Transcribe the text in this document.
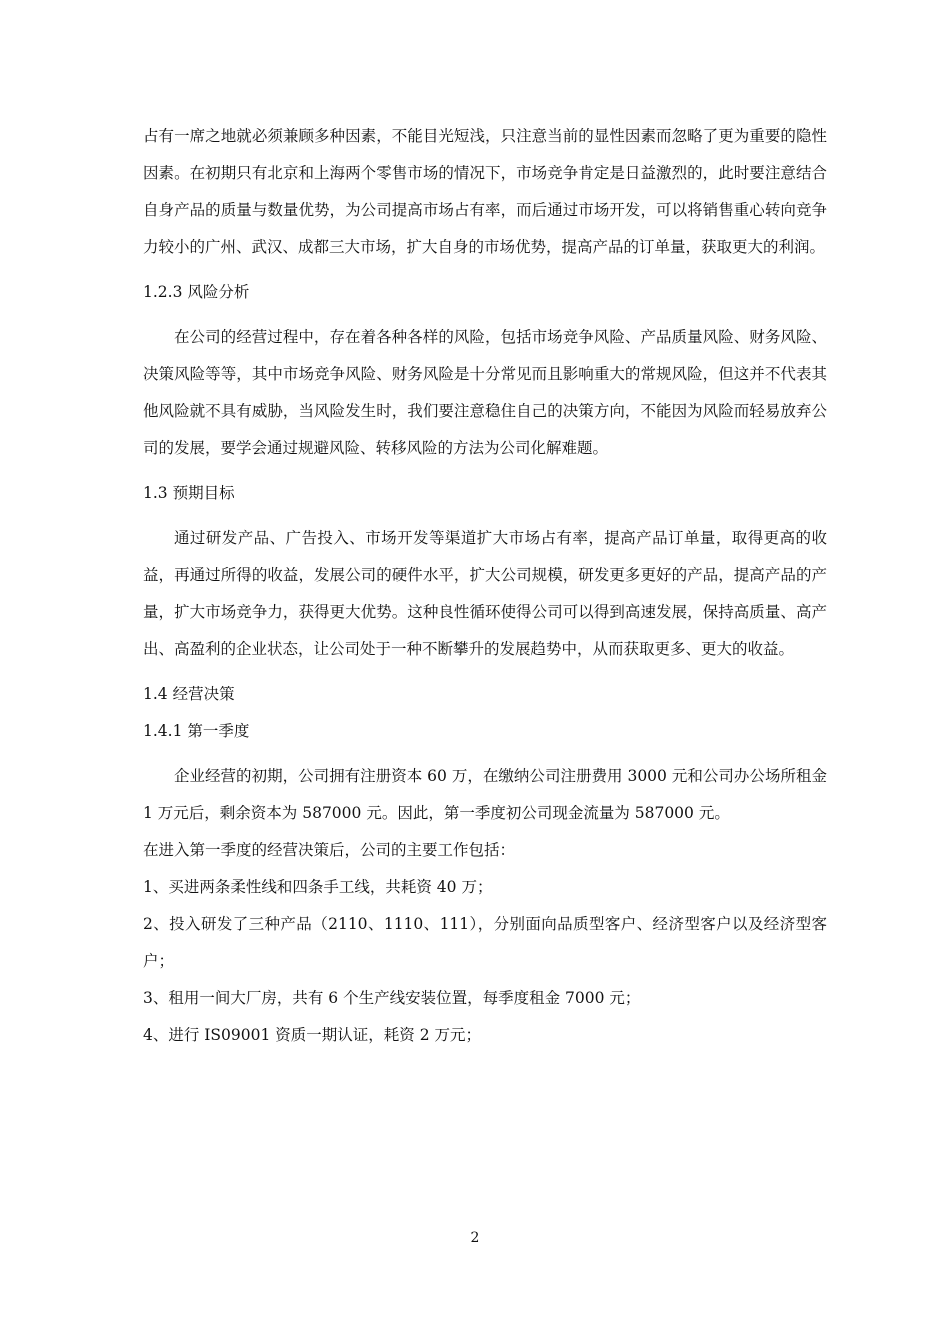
占有一席之地就必须兼顾多种因素，不能目光短浅，只注意当前的显性因素而忽略了更为重要的隐性因素。在初期只有北京和上海两个零售市场的情况下，市场竞争肯定是日益激烈的，此时要注意结合自身产品的质量与数量优势，为公司提高市场占有率，而后通过市场开发，可以将销售重心转向竞争力较小的广州、武汉、成都三大市场，扩大自身的市场优势，提高产品的订单量，获取更大的利润。

1.2.3 风险分析

在公司的经营过程中，存在着各种各样的风险，包括市场竞争风险、产品质量风险、财务风险、决策风险等等，其中市场竞争风险、财务风险是十分常见而且影响重大的常规风险，但这并不代表其他风险就不具有威胁，当风险发生时，我们要注意稳住自己的决策方向，不能因为风险而轻易放弃公司的发展，要学会通过规避风险、转移风险的方法为公司化解难题。

1.3 预期目标

通过研发产品、广告投入、市场开发等渠道扩大市场占有率，提高产品订单量，取得更高的收益，再通过所得的收益，发展公司的硬件水平，扩大公司规模，研发更多更好的产品，提高产品的产量，扩大市场竞争力，获得更大优势。这种良性循环使得公司可以得到高速发展，保持高质量、高产出、高盈利的企业状态，让公司处于一种不断攀升的发展趋势中，从而获取更多、更大的收益。

1.4 经营决策

1.4.1 第一季度

企业经营的初期，公司拥有注册资本 60 万，在缴纳公司注册费用 3000 元和公司办公场所租金 1 万元后，剩余资本为 587000 元。因此，第一季度初公司现金流量为 587000 元。

在进入第一季度的经营决策后，公司的主要工作包括：

1、买进两条柔性线和四条手工线，共耗资 40 万；

2、投入研发了三种产品（2110、1110、111），分别面向品质型客户、经济型客户以及经济型客户；

3、租用一间大厂房，共有 6 个生产线安装位置，每季度租金 7000 元；

4、进行 IS09001 资质一期认证，耗资 2 万元；

2
